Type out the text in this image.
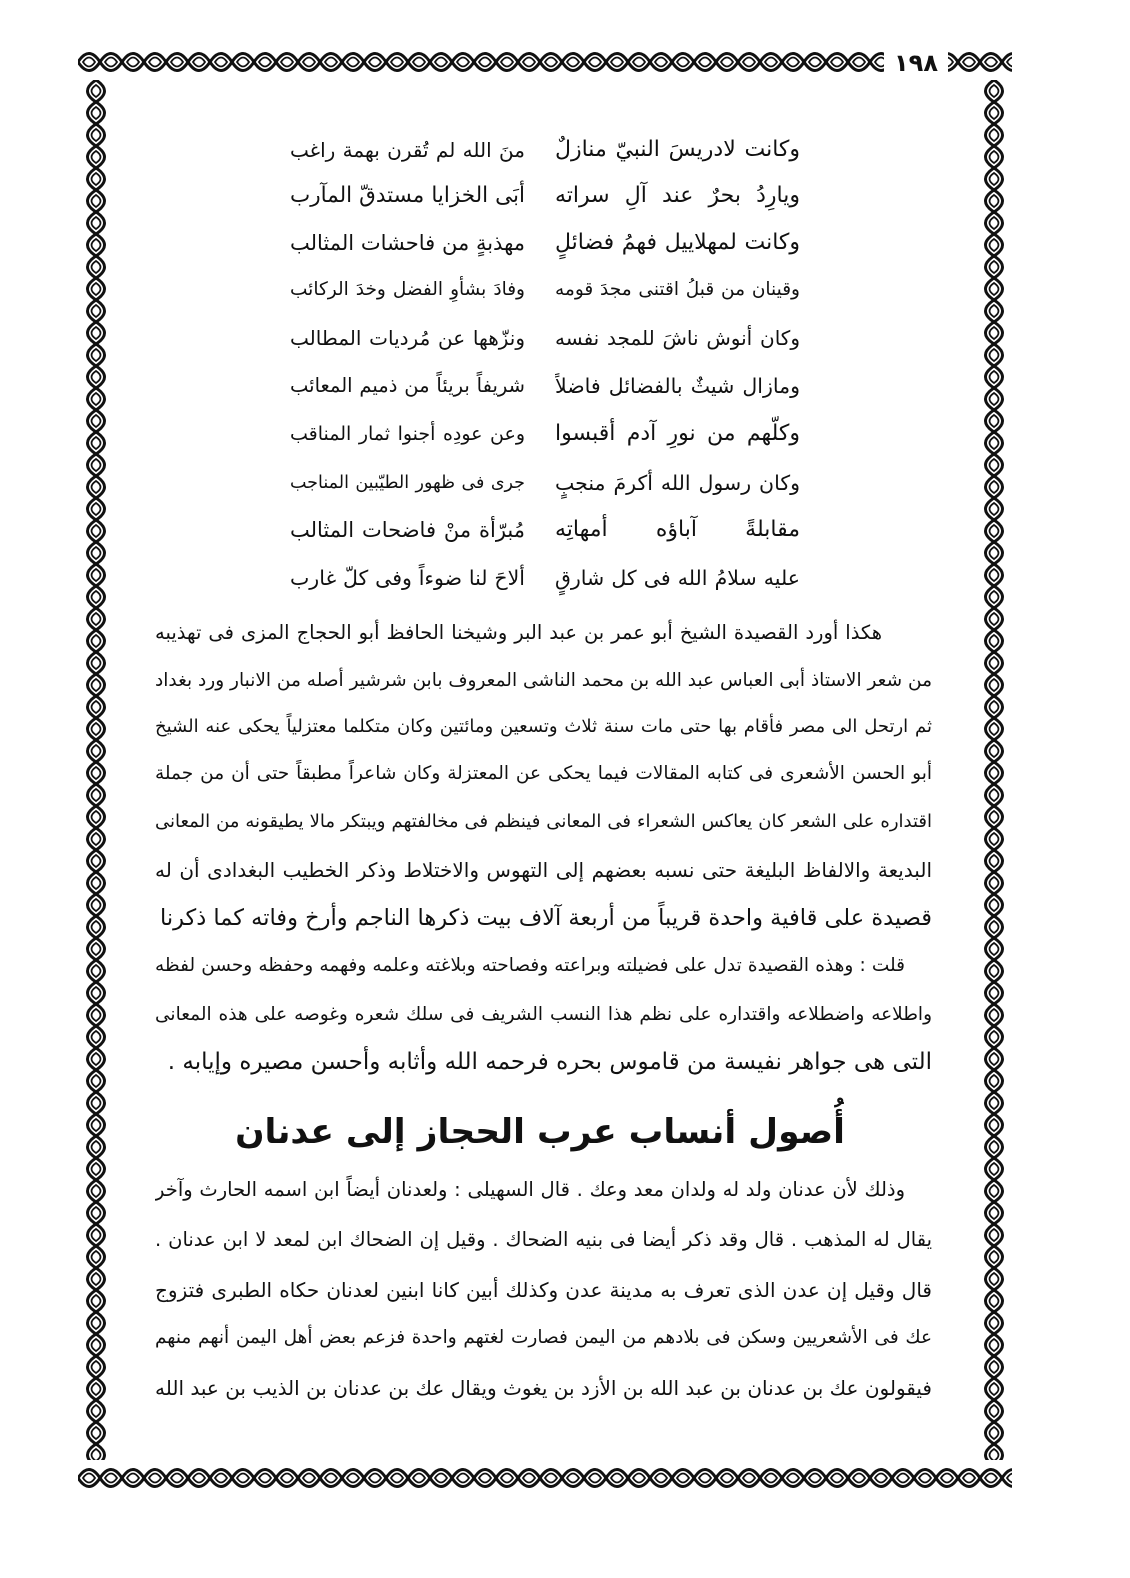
١٩٨
وكانت لادريسَ النبيّ منازلٌ
منَ الله لم تُقرن بهمة راغب
ويارِدُ بحرٌ عند آلِ سراته
أبَى الخزايا مستدقّ المآرب
وكانت لمهلاييل فهمُ فضائلٍ
مهذبةٍ من فاحشات المثالب
وقينان من قبلُ اقتنى مجدَ قومه
وفادَ بشأوِ الفضل وخدَ الركائب
وكان أنوش ناشَ للمجد نفسه
ونزّهها عن مُرديات المطالب
ومازال شيثٌ بالفضائل فاضلاً
شريفاً بريئاً من ذميم المعائب
وكلّهم من نورِ آدم أقبسوا
وعن عودِه أجنوا ثمار المناقب
وكان رسول الله أكرمَ منجبٍ
جرى فى ظهور الطيّبين المناجب
مقابلةً آباؤه أمهاتِه
مُبرّأة منْ فاضحات المثالب
عليه سلامُ الله فى كل شارقٍ
ألاحَ لنا ضوءاً وفى كلّ غارب
هكذا أورد القصيدة الشيخ أبو عمر بن عبد البر وشيخنا الحافظ أبو الحجاج المزى فى تهذيبه
من شعر الاستاذ أبى العباس عبد الله بن محمد الناشى المعروف بابن شرشير أصله من الانبار ورد بغداد
ثم ارتحل الى مصر فأقام بها حتى مات سنة ثلاث وتسعين ومائتين وكان متكلما معتزلياً يحكى عنه الشيخ
أبو الحسن الأشعرى فى كتابه المقالات فيما يحكى عن المعتزلة وكان شاعراً مطبقاً حتى أن من جملة
اقتداره على الشعر كان يعاكس الشعراء فى المعانى فينظم فى مخالفتهم ويبتكر مالا يطيقونه من المعانى
البديعة والالفاظ البليغة حتى نسبه بعضهم إلى التهوس والاختلاط وذكر الخطيب البغدادى أن له
قصيدة على قافية واحدة قريباً من أربعة آلاف بيت ذكرها الناجم وأرخ وفاته كما ذكرنا
قلت : وهذه القصيدة تدل على فضيلته وبراعته وفصاحته وبلاغته وعلمه وفهمه وحفظه وحسن لفظه
واطلاعه واضطلاعه واقتداره على نظم هذا النسب الشريف فى سلك شعره وغوصه على هذه المعانى
التى هى جواهر نفيسة من قاموس بحره فرحمه الله وأثابه وأحسن مصيره وإيابه .
أُصول أنساب عرب الحجاز إلى عدنان
وذلك لأن عدنان ولد له ولدان معد وعك . قال السهيلى : ولعدنان أيضاً ابن اسمه الحارث وآخر
يقال له المذهب . قال وقد ذكر أيضا فى بنيه الضحاك . وقيل إن الضحاك ابن لمعد لا ابن عدنان .
قال وقيل إن عدن الذى تعرف به مدينة عدن وكذلك أبين كانا ابنين لعدنان حكاه الطبرى فتزوج
عك فى الأشعريين وسكن فى بلادهم من اليمن فصارت لغتهم واحدة فزعم بعض أهل اليمن أنهم منهم
فيقولون عك بن عدنان بن عبد الله بن الأزد بن يغوث ويقال عك بن عدنان بن الذيب بن عبد الله
